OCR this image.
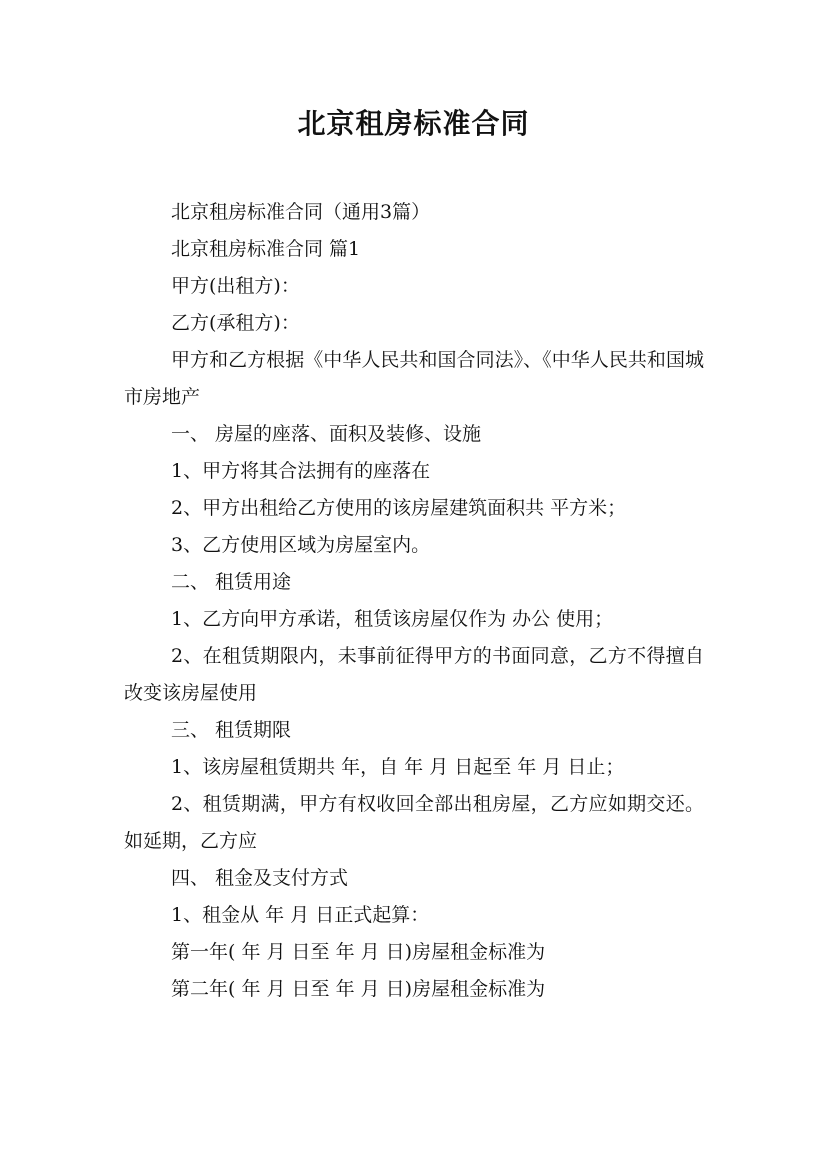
北京租房标准合同

北京租房标准合同（通用3篇）

北京租房标准合同 篇1

甲方(出租方)：

乙方(承租方)：

甲方和乙方根据《中华人民共和国合同法》、《中华人民共和国城市房地产

一、 房屋的座落、面积及装修、设施

1、甲方将其合法拥有的座落在

2、甲方出租给乙方使用的该房屋建筑面积共 平方米；

3、乙方使用区域为房屋室内。

二、 租赁用途

1、乙方向甲方承诺，租赁该房屋仅作为 办公 使用；

2、在租赁期限内，未事前征得甲方的书面同意，乙方不得擅自改变该房屋使用

三、 租赁期限

1、该房屋租赁期共 年，自 年 月 日起至 年 月 日止；

2、租赁期满，甲方有权收回全部出租房屋，乙方应如期交还。如延期，乙方应

四、 租金及支付方式

1、租金从 年 月 日正式起算：

第一年( 年 月 日至 年 月 日)房屋租金标准为

第二年( 年 月 日至 年 月 日)房屋租金标准为
